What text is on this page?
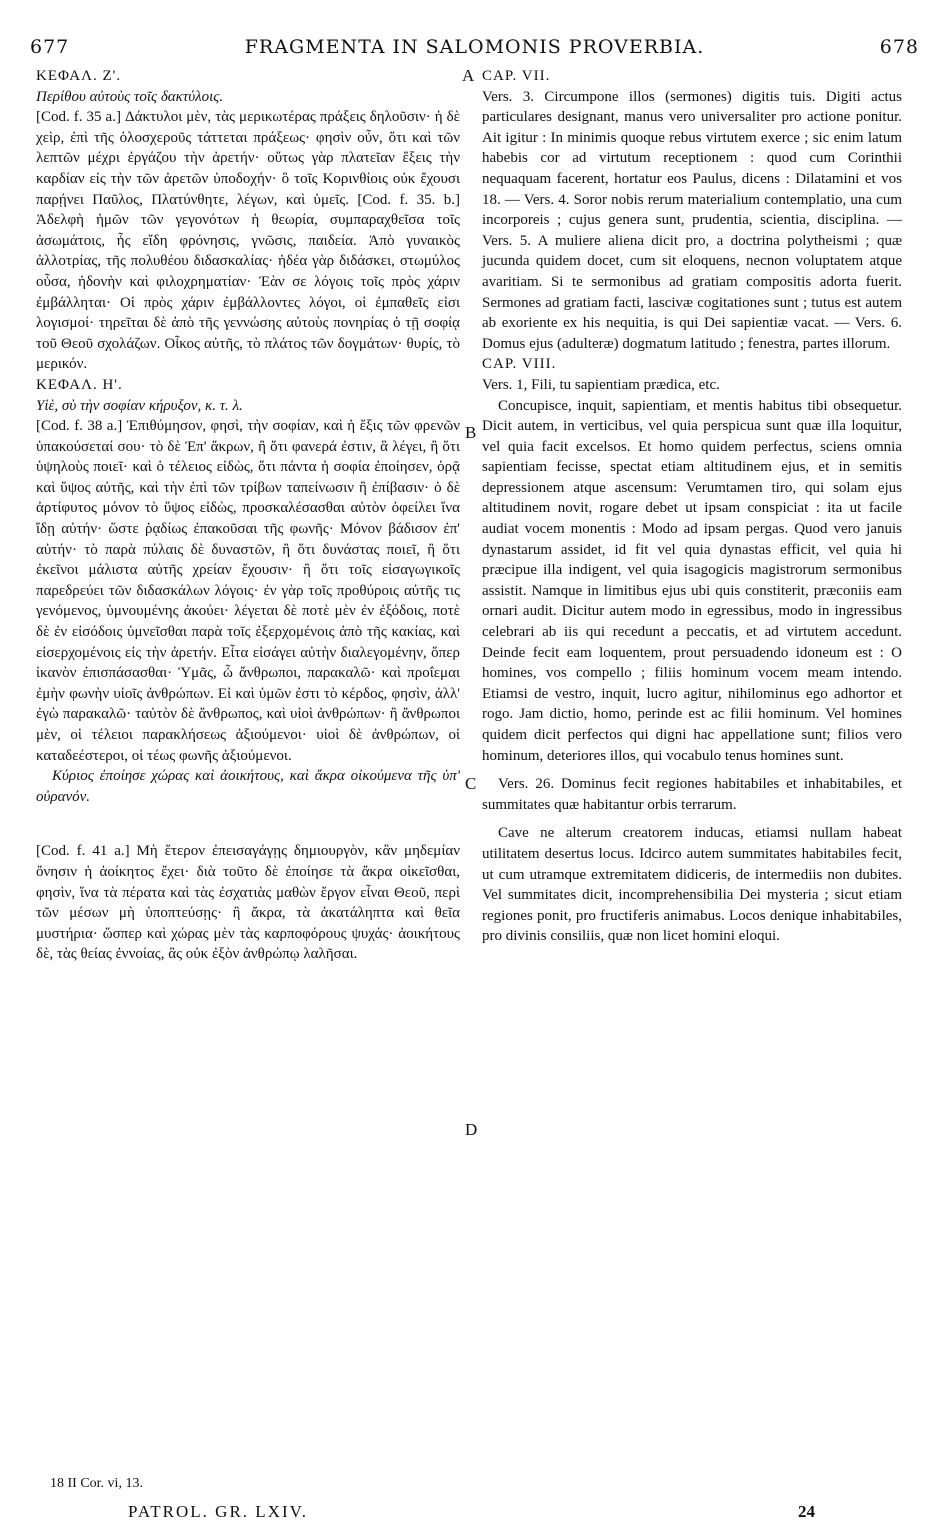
677	FRAGMENTA IN SALOMONIS PROVERBIA.	678
A
B
C
D

ΚΕΦΑΛ. Ζ'.

Περίθου αὐτοὺς τοῖς δακτύλοις.

[Cod. f. 35 a.] Δάκτυλοι μὲν, τὰς μερικωτέρας πράξεις δηλοῦσιν· ἡ δὲ χεὶρ, ἐπὶ τῆς ὁλοσχεροῦς τάττεται πράξεως· φησὶν οὖν, ὅτι καὶ τῶν λεπτῶν μέχρι ἐργάζου τὴν ἀρετήν· οὕτως γὰρ πλατεῖαν ἕξεις τὴν καρδίαν εἰς τὴν τῶν ἀρετῶν ὑποδοχήν· ὃ τοῖς Κορινθίοις οὐκ ἔχουσι παρῄνει Παῦλος, Πλατύνθητε, λέγων, καὶ ὑμεῖς. [Cod. f. 35. b.] Ἀδελφὴ ἡμῶν τῶν γεγονότων ἡ θεωρία, συμπαραχθεῖσα τοῖς ἀσωμάτοις, ἧς εἴδη φρόνησις, γνῶσις, παιδεία. Ἀπὸ γυναικὸς ἀλλοτρίας, τῆς πολυθέου διδασκαλίας· ἡδέα γὰρ διδάσκει, στωμύλος οὖσα, ἡδονὴν καὶ φιλοχρηματίαν· Ἐὰν σε λόγοις τοῖς πρὸς χάριν ἐμβάλληται· Οἱ πρὸς χάριν ἐμβάλλοντες λόγοι, οἱ ἐμπαθεῖς εἰσι λογισμοί· τηρεῖται δὲ ἀπὸ τῆς γεννώσης αὐτοὺς πονηρίας ὁ τῇ σοφίᾳ τοῦ Θεοῦ σχολάζων. Οἶκος αὐτῆς, τὸ πλάτος τῶν δογμάτων· θυρίς, τὸ μερικόν.

ΚΕΦΑΛ. Η'.

Υἱὲ, σὺ τὴν σοφίαν κήρυξον, κ. τ. λ.

[Cod. f. 38 a.] Ἐπιθύμησον, φησὶ, τὴν σοφίαν, καὶ ἡ ἕξις τῶν φρενῶν ὑπακούσεταί σου· τὸ δὲ Ἐπ' ἄκρων, ἢ ὅτι φανερά ἐστιν, ἃ λέγει, ἢ ὅτι ὑψηλοὺς ποιεῖ· καὶ ὁ τέλειος εἰδὼς, ὅτι πάντα ἡ σοφία ἐποίησεν, ὁρᾷ καὶ ὕψος αὐτῆς, καὶ τὴν ἐπὶ τῶν τρίβων ταπείνωσιν ἢ ἐπίβασιν· ὁ δὲ ἀρτίφυτος μόνον τὸ ὕψος εἰδὼς, προσκαλέσασθαι αὐτὸν ὀφείλει ἵνα ἴδῃ αὐτήν· ὥστε ῥᾳδίως ἐπακοῦσαι τῆς φωνῆς· Μόνον βάδισον ἐπ' αὐτήν· τὸ παρὰ πύλαις δὲ δυναστῶν, ἢ ὅτι δυνάστας ποιεῖ, ἢ ὅτι ἐκεῖνοι μάλιστα αὐτῆς χρείαν ἔχουσιν· ἢ ὅτι τοῖς εἰσαγωγικοῖς παρεδρεύει τῶν διδασκάλων λόγοις· ἐν γὰρ τοῖς προθύροις αὐτῆς τις γενόμενος, ὑμνουμένης ἀκούει· λέγεται δὲ ποτὲ μὲν ἐν ἐξόδοις, ποτὲ δὲ ἐν εἰσόδοις ὑμνεῖσθαι παρὰ τοῖς ἐξερχομένοις ἀπὸ τῆς κακίας, καὶ εἰσερχομένοις εἰς τὴν ἀρετήν. Εἶτα εἰσάγει αὐτὴν διαλεγομένην, ὅπερ ἱκανὸν ἐπισπάσασθαι· Ὑμᾶς, ὦ ἄνθρωποι, παρακαλῶ· καὶ προΐεμαι ἐμὴν φωνὴν υἱοῖς ἀνθρώπων. Εἰ καὶ ὑμῶν ἐστι τὸ κέρδος, φησὶν, ἀλλ' ἐγὼ παρακαλῶ· ταὐτὸν δὲ ἄνθρωπος, καὶ υἱοὶ ἀνθρώπων· ἢ ἄνθρωποι μὲν, οἱ τέλειοι παρακλήσεως ἀξιούμενοι· υἱοὶ δὲ ἀνθρώπων, οἱ καταδεέστεροι, οἱ τέως φωνῆς ἀξιούμενοι.

Κύριος ἐποίησε χώρας καὶ ἀοικήτους, καὶ ἄκρα οἰκούμενα τῆς ὑπ' οὐρανόν.

[Cod. f. 41 a.] Μὴ ἕτερον ἐπεισαγάγῃς δημιουργὸν, κἂν μηδεμίαν ὄνησιν ἡ ἀοίκητος ἔχει· διὰ τοῦτο δὲ ἐποίησε τὰ ἄκρα οἰκεῖσθαι, φησὶν, ἵνα τὰ πέρατα καὶ τὰς ἐσχατιὰς μαθὼν ἔργον εἶναι Θεοῦ, περὶ τῶν μέσων μὴ ὑποπτεύσῃς· ἢ ἄκρα, τὰ ἀκατάληπτα καὶ θεῖα μυστήρια· ὥσπερ καὶ χώρας μὲν τὰς καρποφόρους ψυχάς· ἀοικήτους δὲ, τὰς θείας ἐννοίας, ἃς οὐκ ἐξὸν ἀνθρώπῳ λαλῆσαι.

CAP. VII.

Vers. 3. Circumpone illos (sermones) digitis tuis. Digiti actus particulares designant, manus vero universaliter pro actione ponitur. Ait igitur : In minimis quoque rebus virtutem exerce ; sic enim latum habebis cor ad virtutum receptionem : quod cum Corinthii nequaquam facerent, hortatur eos Paulus, dicens : Dilatamini et vos 18. — Vers. 4. Soror nobis rerum materialium contemplatio, una cum incorporeis ; cujus genera sunt, prudentia, scientia, disciplina. — Vers. 5. A muliere aliena dicit pro, a doctrina polytheismi ; quæ jucunda quidem docet, cum sit eloquens, necnon voluptatem atque avaritiam. Si te sermonibus ad gratiam compositis adorta fuerit. Sermones ad gratiam facti, lascivæ cogitationes sunt ; tutus est autem ab exoriente ex his nequitia, is qui Dei sapientiæ vacat. — Vers. 6. Domus ejus (adulteræ) dogmatum latitudo ; fenestra, partes illorum.

CAP. VIII.

Vers. 1, Fili, tu sapientiam prædica, etc.

Concupisce, inquit, sapientiam, et mentis habitus tibi obsequetur. Dicit autem, in verticibus, vel quia perspicua sunt quæ illa loquitur, vel quia facit excelsos. Et homo quidem perfectus, sciens omnia sapientiam fecisse, spectat etiam altitudinem ejus, et in semitis depressionem atque ascensum: Verumtamen tiro, qui solam ejus altitudinem novit, rogare debet ut ipsam conspiciat : ita ut facile audiat vocem monentis : Modo ad ipsam pergas. Quod vero januis dynastarum assidet, id fit vel quia dynastas efficit, vel quia hi præcipue illa indigent, vel quia isagogicis magistrorum sermonibus assistit. Namque in limitibus ejus ubi quis constiterit, præconiis eam ornari audit. Dicitur autem modo in egressibus, modo in ingressibus celebrari ab iis qui recedunt a peccatis, et ad virtutem accedunt. Deinde fecit eam loquentem, prout persuadendo idoneum est : O homines, vos compello ; filiis hominum vocem meam intendo. Etiamsi de vestro, inquit, lucro agitur, nihilominus ego adhortor et rogo. Jam dictio, homo, perinde est ac filii hominum. Vel homines quidem dicit perfectos qui digni hac appellatione sunt; filios vero hominum, deteriores illos, qui vocabulo tenus homines sunt.

Vers. 26. Dominus fecit regiones habitabiles et inhabitabiles, et summitates quæ habitantur orbis terrarum.

Cave ne alterum creatorem inducas, etiamsi nullam habeat utilitatem desertus locus. Idcirco autem summitates habitabiles fecit, ut cum utramque extremitatem didiceris, de intermediis non dubites. Vel summitates dicit, incomprehensibilia Dei mysteria ; sicut etiam regiones ponit, pro fructiferis animabus. Locos denique inhabitabiles, pro divinis consiliis, quæ non licet homini eloqui.

18 II Cor. vi, 13.
PATROL. GR. LXIV.	24
